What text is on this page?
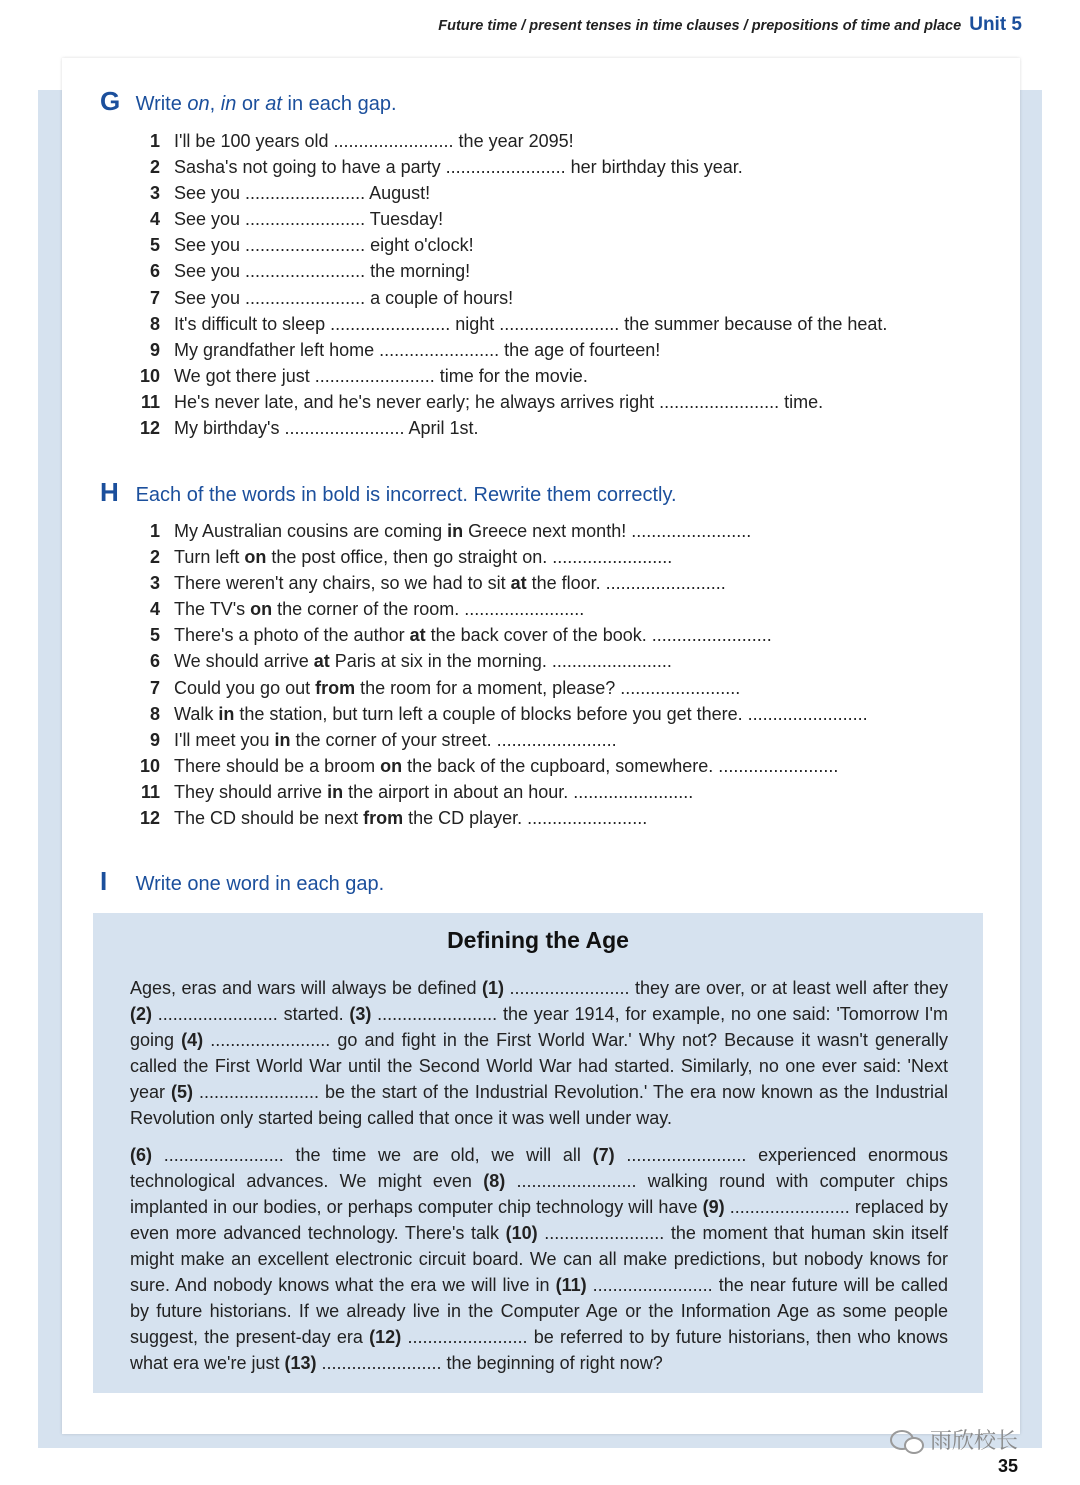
Future time / present tenses in time clauses / prepositions of time and place Unit 5
G Write on, in or at in each gap.
1 I'll be 100 years old ........................ the year 2095!
2 Sasha's not going to have a party ........................ her birthday this year.
3 See you ........................ August!
4 See you ........................ Tuesday!
5 See you ........................ eight o'clock!
6 See you ........................ the morning!
7 See you ........................ a couple of hours!
8 It's difficult to sleep ........................ night ........................ the summer because of the heat.
9 My grandfather left home ........................ the age of fourteen!
10 We got there just ........................ time for the movie.
11 He's never late, and he's never early; he always arrives right ........................ time.
12 My birthday's ........................ April 1st.
H Each of the words in bold is incorrect. Rewrite them correctly.
1 My Australian cousins are coming in Greece next month! ........................
2 Turn left on the post office, then go straight on. ........................
3 There weren't any chairs, so we had to sit at the floor. ........................
4 The TV's on the corner of the room. ........................
5 There's a photo of the author at the back cover of the book. ........................
6 We should arrive at Paris at six in the morning. ........................
7 Could you go out from the room for a moment, please? ........................
8 Walk in the station, but turn left a couple of blocks before you get there. ........................
9 I'll meet you in the corner of your street. ........................
10 There should be a broom on the back of the cupboard, somewhere. ........................
11 They should arrive in the airport in about an hour. ........................
12 The CD should be next from the CD player. ........................
I Write one word in each gap.
Defining the Age
Ages, eras and wars will always be defined (1) ........................ they are over, or at least well after they (2) ........................ started. (3) ........................ the year 1914, for example, no one said: 'Tomorrow I'm going (4) ........................ go and fight in the First World War.' Why not? Because it wasn't generally called the First World War until the Second World War had started. Similarly, no one ever said: 'Next year (5) ........................ be the start of the Industrial Revolution.' The era now known as the Industrial Revolution only started being called that once it was well under way.
(6) ........................ the time we are old, we will all (7) ........................ experienced enormous technological advances. We might even (8) ........................ walking round with computer chips implanted in our bodies, or perhaps computer chip technology will have (9) ........................ replaced by even more advanced technology. There's talk (10) ........................ the moment that human skin itself might make an excellent electronic circuit board. We can all make predictions, but nobody knows for sure. And nobody knows what the era we will live in (11) ........................ the near future will be called by future historians. If we already live in the Computer Age or the Information Age as some people suggest, the present-day era (12) ........................ be referred to by future historians, then who knows what era we're just (13) ........................ the beginning of right now?
雨欣校长
35
